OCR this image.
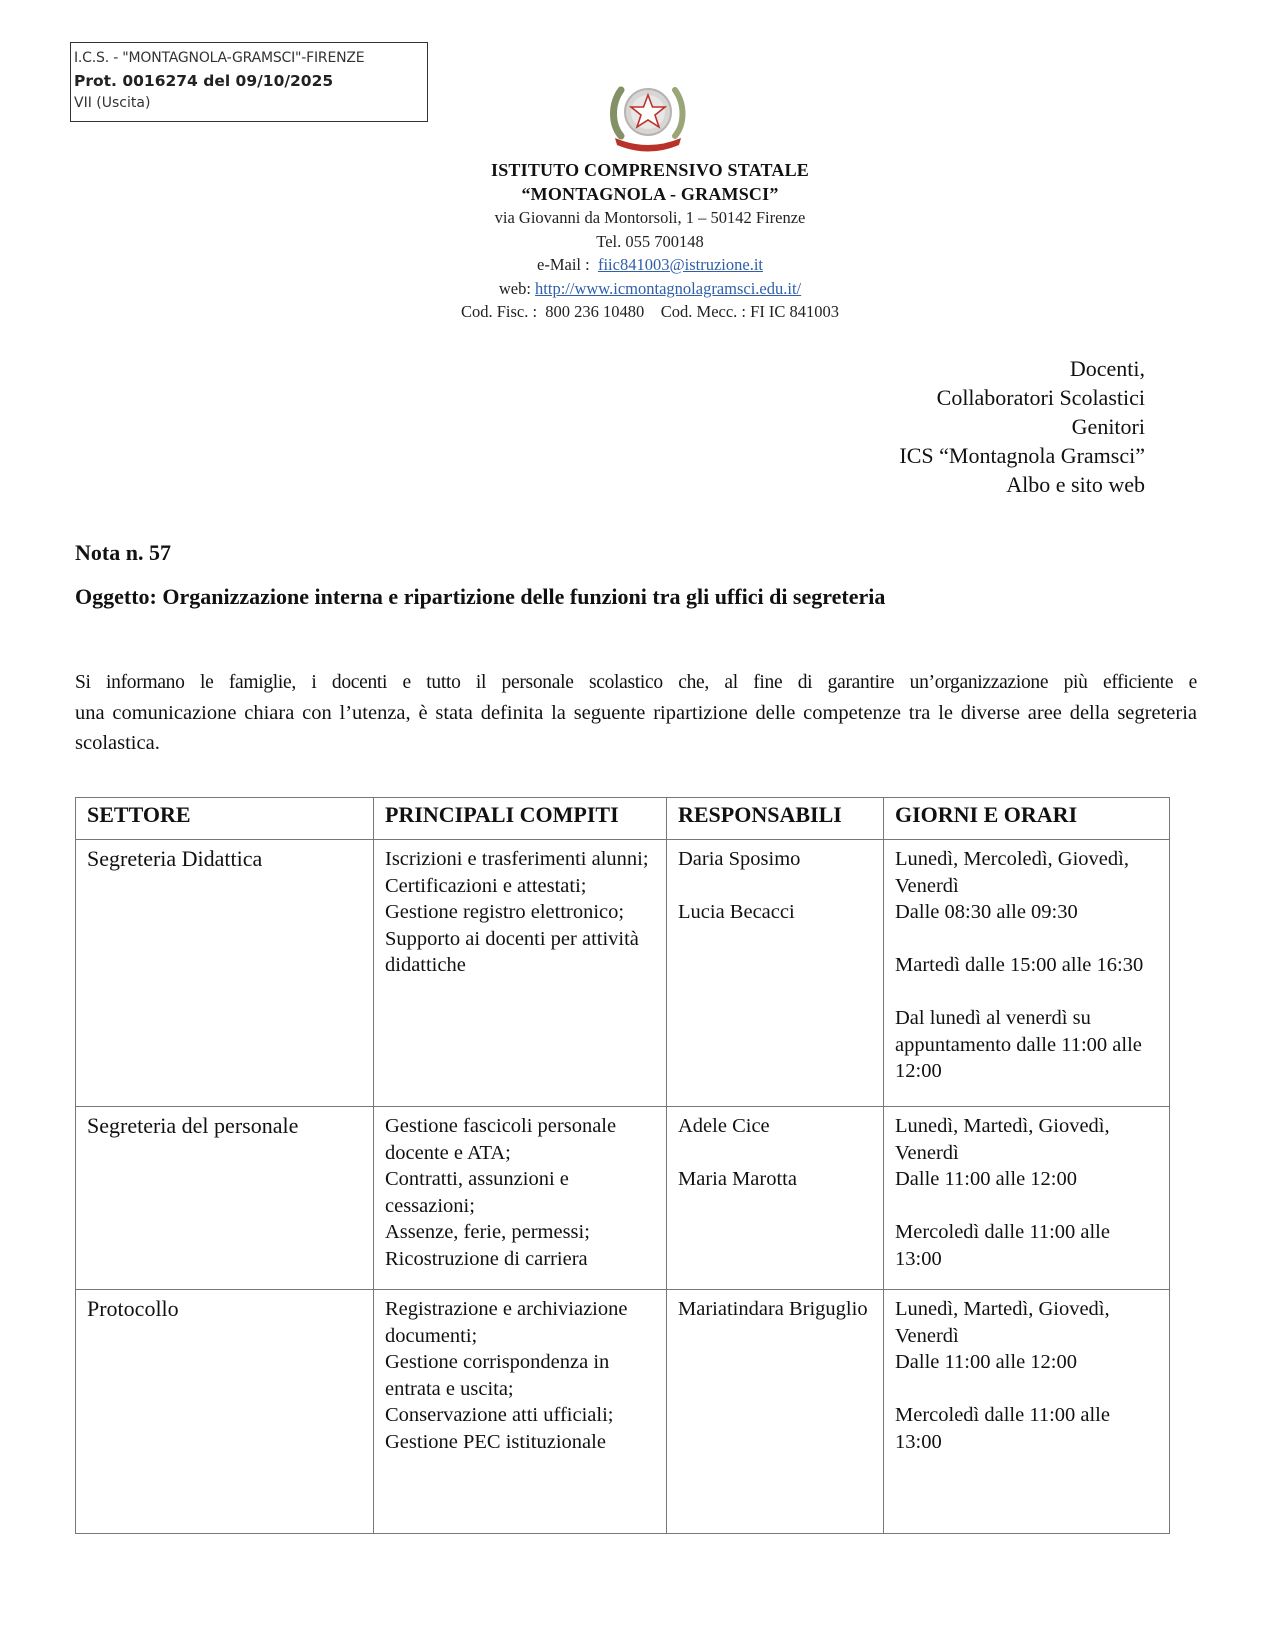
I.C.S. - "MONTAGNOLA-GRAMSCI"-FIRENZE
Prot. 0016274 del 09/10/2025
VII (Uscita)
ISTITUTO COMPRENSIVO STATALE
“MONTAGNOLA - GRAMSCI”
via Giovanni da Montorsoli, 1 – 50142 Firenze
Tel. 055 700148
e-Mail : fiic841003@istruzione.it
web: http://www.icmontagnolagramsci.edu.it/
Cod. Fisc. :  800 236 10480    Cod. Mecc. : FI IC 841003
Docenti,
Collaboratori Scolastici
Genitori
ICS “Montagnola Gramsci”
Albo e sito web
Nota n. 57
Oggetto: Organizzazione interna e ripartizione delle funzioni tra gli uffici di segreteria
Si informano le famiglie, i docenti e tutto il personale scolastico che, al fine di garantire un’organizzazione più efficiente e
una comunicazione chiara con l’utenza, è stata definita la seguente ripartizione delle competenze tra le diverse aree della segreteria scolastica.
SETTORE	PRINCIPALI COMPITI	RESPONSABILI	GIORNI E ORARI
Segreteria Didattica	Iscrizioni e trasferimenti alunni;
Certificazioni e attestati;
Gestione registro elettronico;
Supporto ai docenti per attività didattiche	Daria Sposimo
Lucia Becacci	Lunedì, Mercoledì, Giovedì, Venerdì
Dalle 08:30 alle 09:30
Martedì dalle 15:00 alle 16:30
Dal lunedì al venerdì su appuntamento dalle 11:00 alle 12:00

Segreteria del personale	Gestione fascicoli personale docente e ATA;
Contratti, assunzioni e cessazioni;
Assenze, ferie, permessi;
Ricostruzione di carriera	Adele Cice
Maria Marotta	Lunedì, Martedì, Giovedì, Venerdì
Dalle 11:00 alle 12:00
Mercoledì dalle 11:00 alle 13:00

Protocollo	Registrazione e archiviazione documenti;
Gestione corrispondenza in entrata e uscita;
Conservazione atti ufficiali;
Gestione PEC istituzionale	Mariatindara Briguglio	Lunedì, Martedì, Giovedì, Venerdì
Dalle 11:00 alle 12:00
Mercoledì dalle 11:00 alle 13:00
